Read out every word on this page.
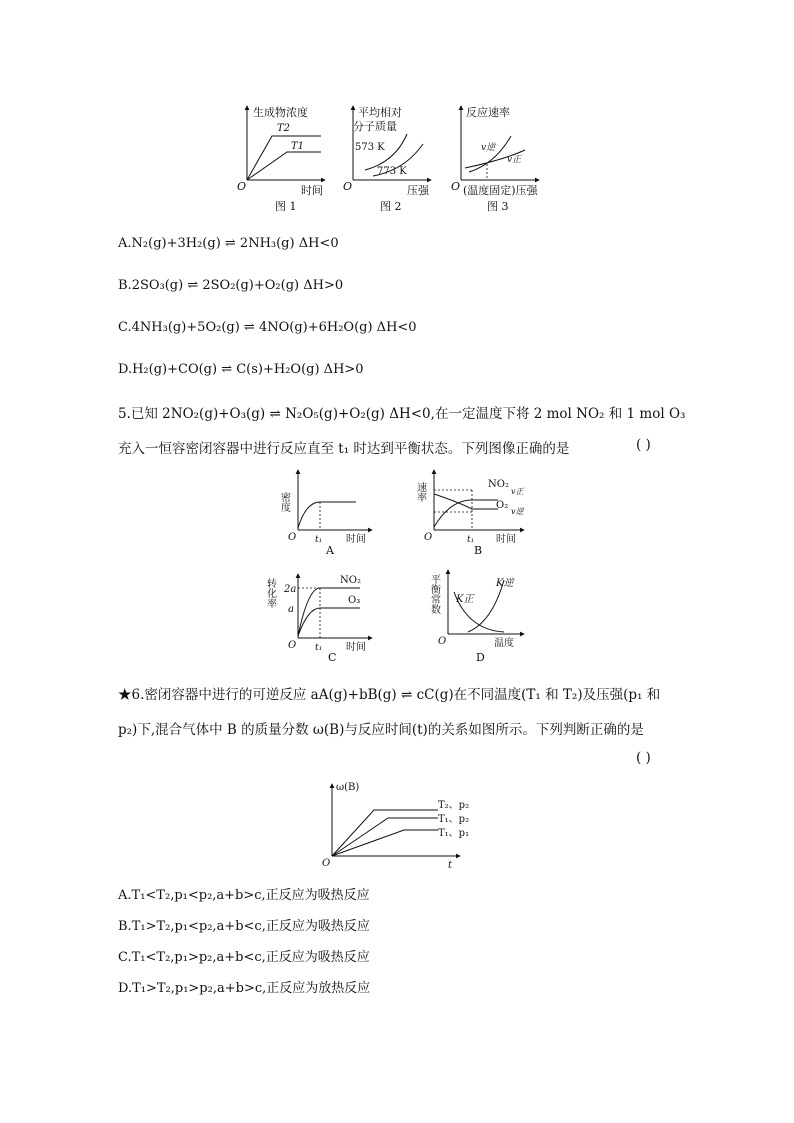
生成物浓度
时间
O
T2
T1
图 1
平均相对
分子质量
573 K
773 K
压强
O
图 2
反应速率
v逆
v正
(温度固定)压强
O
图 3
A.N₂(g)+3H₂(g) ⇌ 2NH₃(g) ΔH<0
B.2SO₃(g) ⇌ 2SO₂(g)+O₂(g) ΔH>0
C.4NH₃(g)+5O₂(g) ⇌ 4NO(g)+6H₂O(g) ΔH<0
D.H₂(g)+CO(g) ⇌ C(s)+H₂O(g) ΔH>0
5.已知 2NO₂(g)+O₃(g) ⇌ N₂O₅(g)+O₂(g) ΔH<0,在一定温度下将 2 mol NO₂ 和 1 mol O₃
充入一恒容密闭容器中进行反应直至 t₁ 时达到平衡状态。下列图像正确的是	( )
密度
O t₁ 时间
A
速率	NO₂
v正
O₂
v逆
O	t₁ 时间
B
转化率 2a
a
NO₂
O₃
O t₁ 时间
C
平衡常数 K正
K逆
O	温度
D
★6.密闭容器中进行的可逆反应 aA(g)+bB(g) ⇌ cC(g)在不同温度(T₁ 和 T₂)及压强(p₁ 和
p₂)下,混合气体中 B 的质量分数 ω(B)与反应时间(t)的关系如图所示。下列判断正确的是
( )
ω(B)
T₂、p₂
T₁、p₂
T₁、p₁
O	t
A.T₁<T₂,p₁<p₂,a+b>c,正反应为吸热反应
B.T₁>T₂,p₁<p₂,a+b<c,正反应为吸热反应
C.T₁<T₂,p₁>p₂,a+b<c,正反应为吸热反应
D.T₁>T₂,p₁>p₂,a+b>c,正反应为放热反应
